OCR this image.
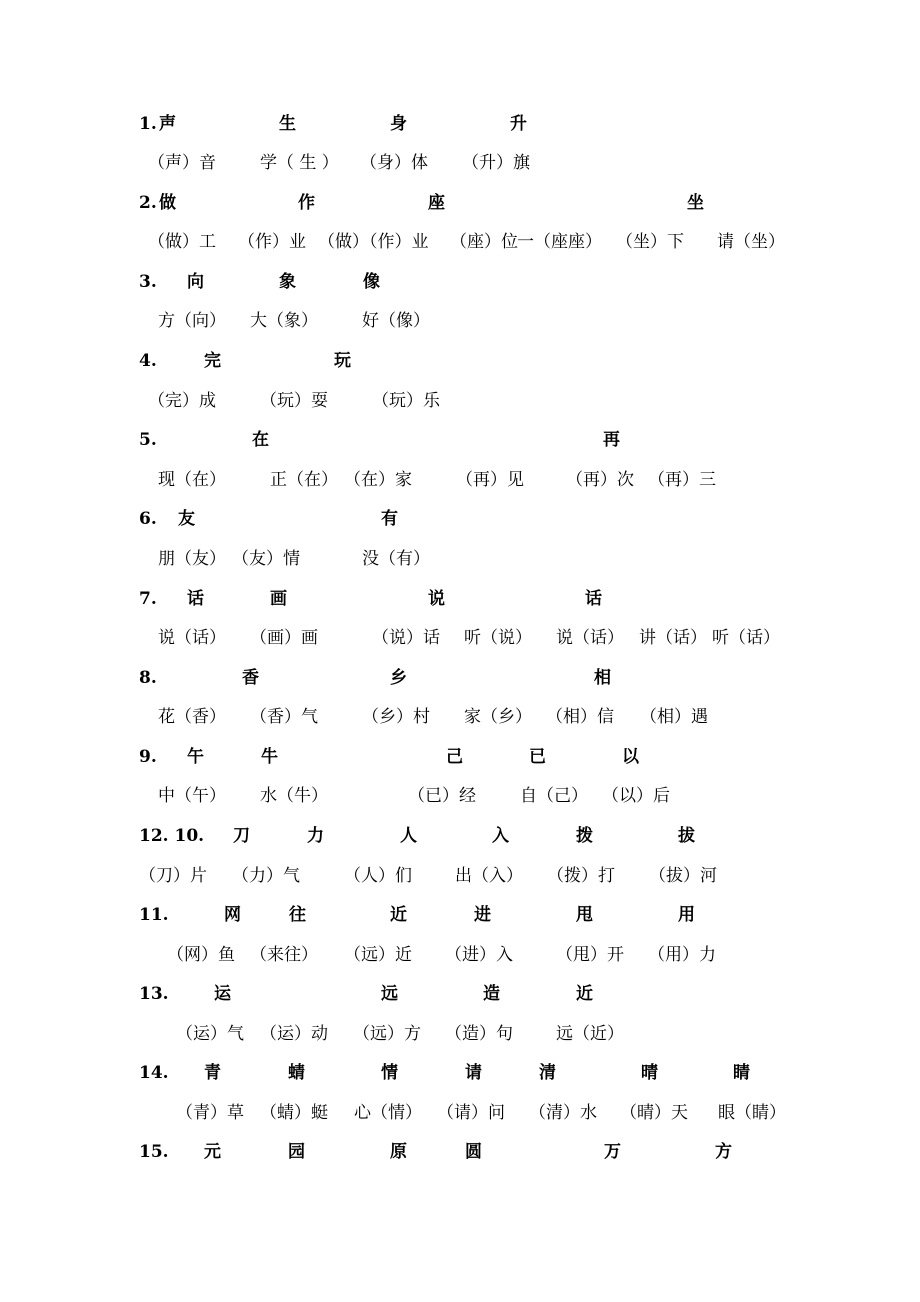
1. 声	生	身	升
（声）音	学（ 生 ） （身）体 （升）旗
2. 做	作	座	坐
（做）工 （作）业 （做）（作）业 （座）位 一（座座） （坐）下 请（坐）
3. 向	象	像
方（向） 大（象）	好（像）
4.	完	玩
（完）成	（玩）耍	（玩）乐
5.	在	再
现（在）	正（在） （在）家	（再）见 （再）次 （再）三
6. 友	有
朋（友） （友）情	没（有）
7. 话	画	说	话
说（话） （画）画	（说）话 听（说） 说（话） 讲（话） 听（话）
8.	香	乡	相
花（香） （香）气	（乡）村 家（乡） （相）信 （相）遇
9. 午	牛	己	已	以
中（午） 水（牛）	（已）经	自（己） （以）后
12. 10. 刀	力	人	入	拨	拔
（刀）片 （力）气	（人）们	出（入） （拨）打 （拔）河
11.	网	往	近	进	甩	用
（网）鱼 （来往） （远）近 （进）入	（甩）开 （用）力
13.	运	远	造	近
（运）气 （运）动 （远）方 （造）句	远（近）
14. 青	蜻	情	请	清	晴	睛
（青）草 （蜻）蜓 心（情） （请）问 （清）水 （晴）天 眼（睛）
15. 元	园	原	圆	万	方
